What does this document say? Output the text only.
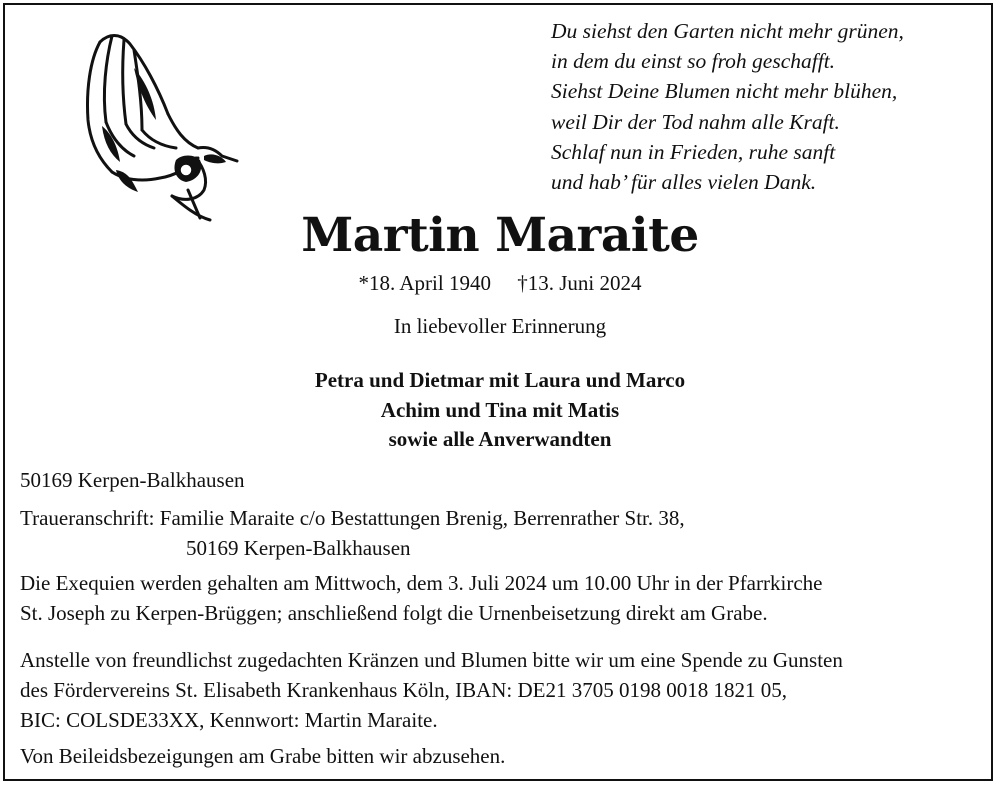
Du siehst den Garten nicht mehr grünen,
in dem du einst so froh geschafft.
Siehst Deine Blumen nicht mehr blühen,
weil Dir der Tod nahm alle Kraft.
Schlaf nun in Frieden, ruhe sanft
und hab’ für alles vielen Dank.
Martin Maraite
*18. April 1940 †13. Juni 2024
In liebevoller Erinnerung
Petra und Dietmar mit Laura und Marco
Achim und Tina mit Matis
sowie alle Anverwandten
50169 Kerpen-Balkhausen
Traueranschrift: Familie Maraite c/o Bestattungen Brenig, Berrenrather Str. 38,
50169 Kerpen-Balkhausen
Die Exequien werden gehalten am Mittwoch, dem 3. Juli 2024 um 10.00 Uhr in der Pfarrkirche
St. Joseph zu Kerpen-Brüggen; anschließend folgt die Urnenbeisetzung direkt am Grabe.
Anstelle von freundlichst zugedachten Kränzen und Blumen bitte wir um eine Spende zu Gunsten
des Fördervereins St. Elisabeth Krankenhaus Köln, IBAN: DE21 3705 0198 0018 1821 05,
BIC: COLSDE33XX, Kennwort: Martin Maraite.
Von Beileidsbezeigungen am Grabe bitten wir abzusehen.
